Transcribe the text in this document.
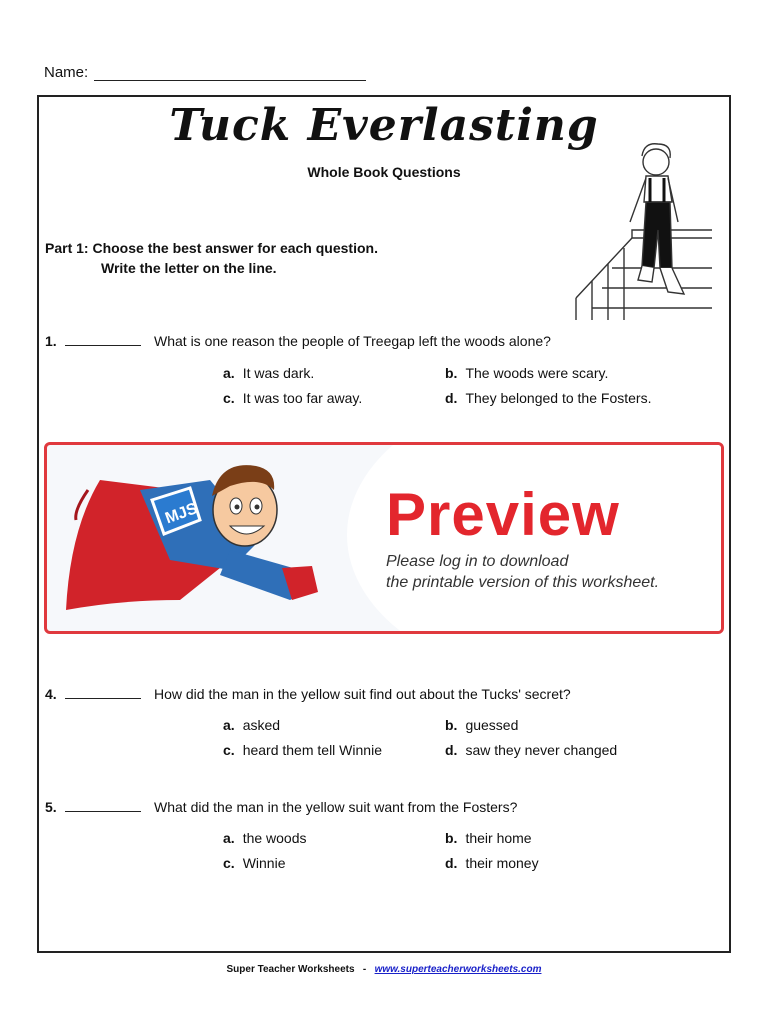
Name:
Tuck Everlasting
Whole Book Questions
Part 1: Choose the best answer for each question.
Write the letter on the line.
1.	What is one reason the people of Treegap left the woods alone?
a. It was dark.	b. The woods were scary.
c. It was too far away.	d. They belonged to the Fosters.
MJS	Preview
Please log in to download
the printable version of this worksheet.
4.	How did the man in the yellow suit find out about the Tucks' secret?
a. asked	b. guessed
c. heard them tell Winnie	d. saw they never changed
5.	What did the man in the yellow suit want from the Fosters?
a. the woods	b. their home
c. Winnie	d. their money
Super Teacher Worksheets - www.superteacherworksheets.com
